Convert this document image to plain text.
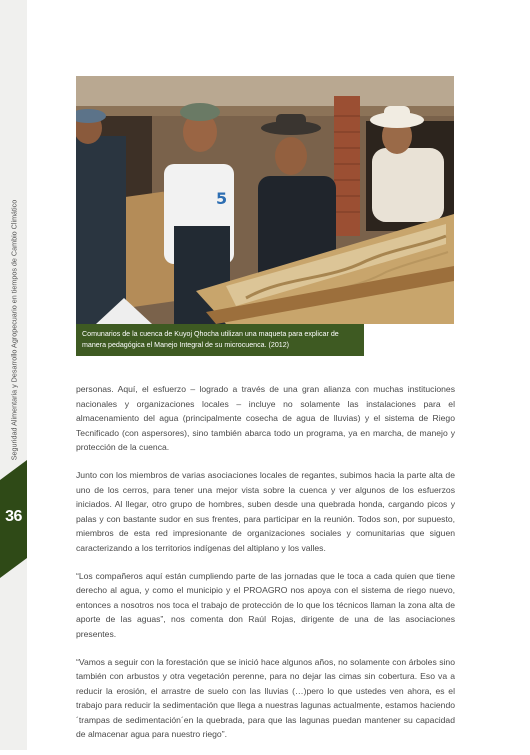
Seguridad Alimentaria y Desarrollo Agropecuario en tiempos de Cambio Climático
36
5
Comunarios de la cuenca de Kuyoj Qhocha utilizan una maqueta para explicar de manera pedagógica el Manejo Integral de su microcuenca. (2012)

personas. Aquí, el esfuerzo – logrado a través de una gran alianza con muchas instituciones nacionales y organizaciones locales – incluye no solamente las instalaciones para el almacenamiento del agua (principalmente cosecha de agua de lluvias) y el sistema de Riego Tecnificado (con aspersores), sino también abarca todo un programa, ya en marcha, de manejo y protección de la cuenca.

Junto con los miembros de varias asociaciones locales de regantes, subimos hacia la parte alta de uno de los cerros, para tener una mejor vista sobre la cuenca y ver algunos de los esfuerzos iniciados. Al llegar, otro grupo de hombres, suben desde una quebrada honda, cargando picos y palas y con bastante sudor en sus frentes, para participar en la reunión. Todos son, por supuesto, miembros de esta red impresionante de organizaciones sociales y comunitarias que siguen caracterizando a los territorios indígenas del altiplano y los valles.

“Los compañeros aquí están cumpliendo parte de las jornadas que le toca a cada quien que tiene derecho al agua, y como el municipio y el PROAGRO nos apoya con el sistema de riego nuevo, entonces a nosotros nos toca el trabajo de protección de lo que los técnicos llaman la zona alta de aporte de las aguas”, nos comenta don Raúl Rojas, dirigente de una de las asociaciones presentes.

“Vamos a seguir con la forestación que se inició hace algunos años, no solamente con árboles sino también con arbustos y otra vegetación perenne, para no dejar las cimas sin cobertura. Eso va a reducir la erosión, el arrastre de suelo con las lluvias (…)pero lo que ustedes ven ahora, es el trabajo para reducir la sedimentación que llega a nuestras lagunas actualmente, estamos haciendo ´trampas de sedimentación´en la quebrada, para que las lagunas puedan mantener su capacidad de almacenar agua para nuestro riego”.
